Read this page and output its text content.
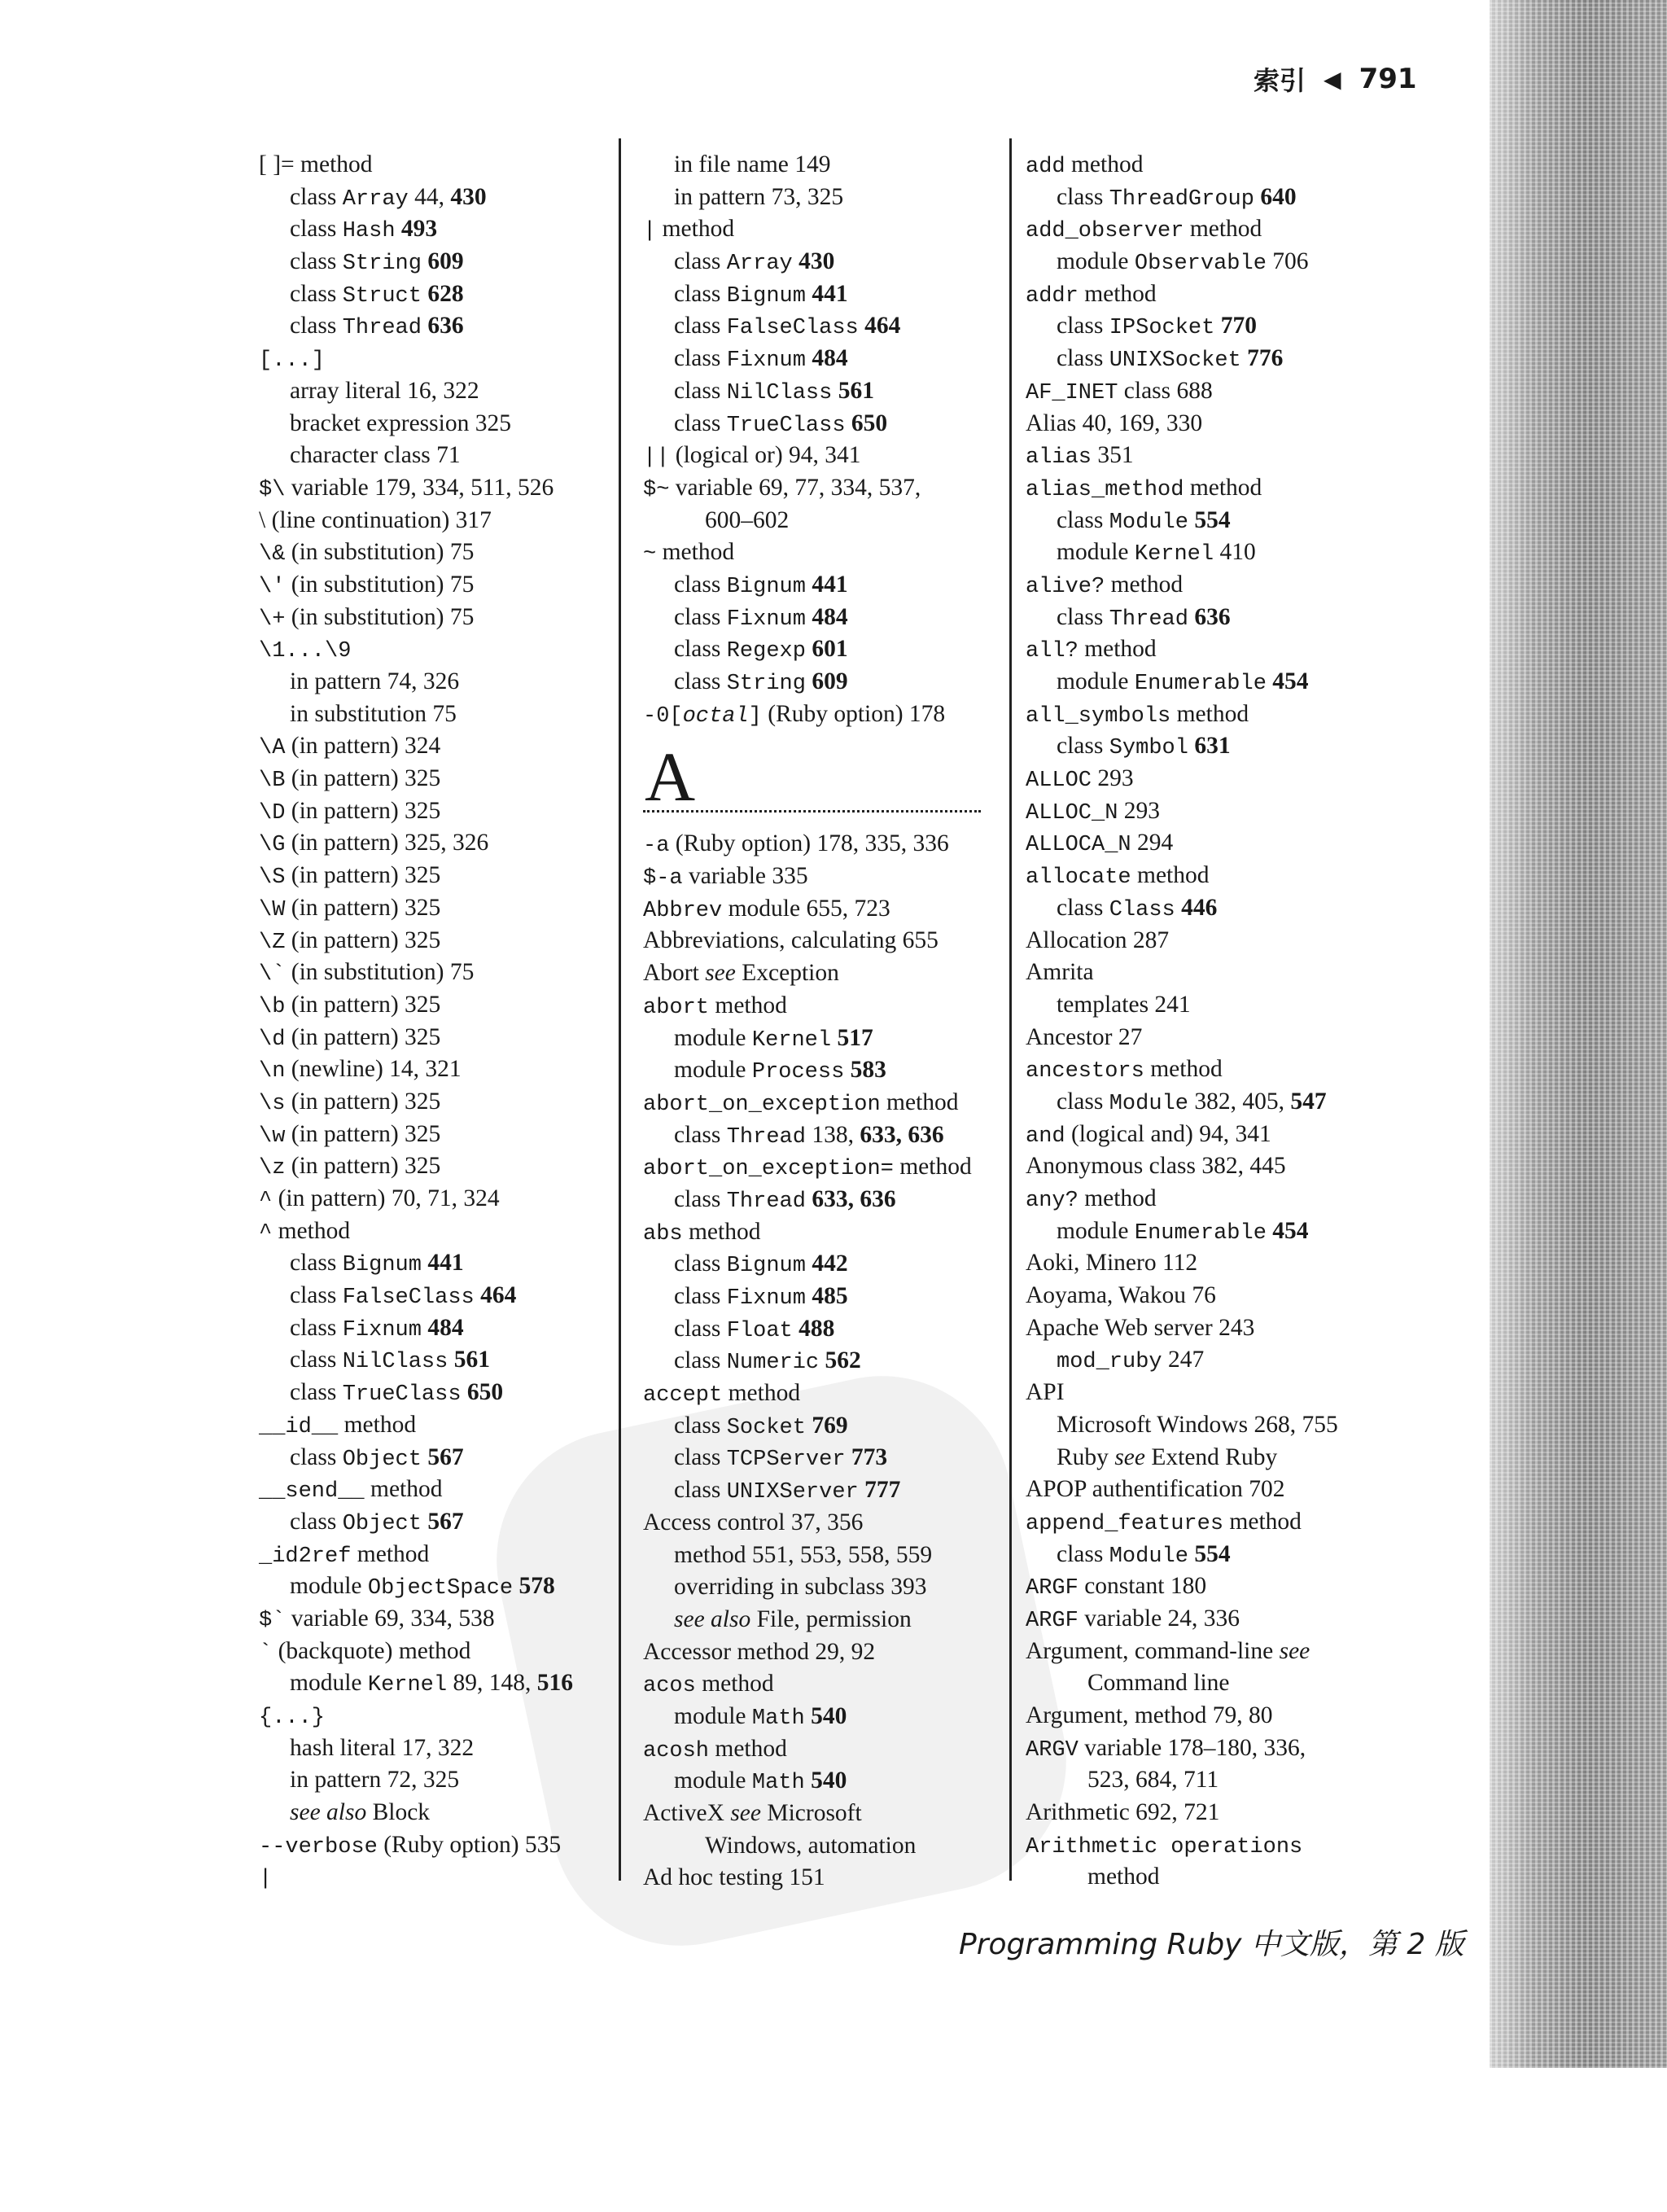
索引 ◀ 791
[ ]= method
class Array 44, 430
class Hash 493
class String 609
class Struct 628
class Thread 636
[...]
array literal 16, 322
bracket expression 325
character class 71
$\ variable 179, 334, 511, 526
\ (line continuation) 317
\& (in substitution) 75
\' (in substitution) 75
\+ (in substitution) 75
\1...\9
in pattern 74, 326
in substitution 75
\A (in pattern) 324
\B (in pattern) 325
\D (in pattern) 325
\G (in pattern) 325, 326
\S (in pattern) 325
\W (in pattern) 325
\Z (in pattern) 325
\` (in substitution) 75
\b (in pattern) 325
\d (in pattern) 325
\n (newline) 14, 321
\s (in pattern) 325
\w (in pattern) 325
\z (in pattern) 325
^ (in pattern) 70, 71, 324
^ method
class Bignum 441
class FalseClass 464
class Fixnum 484
class NilClass 561
class TrueClass 650
__id__ method
class Object 567
__send__ method
class Object 567
_id2ref method
module ObjectSpace 578
$` variable 69, 334, 538
` (backquote) method
module Kernel 89, 148, 516
{...}
hash literal 17, 322
in pattern 72, 325
see also Block
--verbose (Ruby option) 535
|
in file name 149
in pattern 73, 325
| method
class Array 430
class Bignum 441
class FalseClass 464
class Fixnum 484
class NilClass 561
class TrueClass 650
|| (logical or) 94, 341
$~ variable 69, 77, 334, 537,
600–602
~ method
class Bignum 441
class Fixnum 484
class Regexp 601
class String 609
-0[octal] (Ruby option) 178
A
-a (Ruby option) 178, 335, 336
$-a variable 335
Abbrev module 655, 723
Abbreviations, calculating 655
Abort see Exception
abort method
module Kernel 517
module Process 583
abort_on_exception method
class Thread 138, 633, 636
abort_on_exception= method
class Thread 633, 636
abs method
class Bignum 442
class Fixnum 485
class Float 488
class Numeric 562
accept method
class Socket 769
class TCPServer 773
class UNIXServer 777
Access control 37, 356
method 551, 553, 558, 559
overriding in subclass 393
see also File, permission
Accessor method 29, 92
acos method
module Math 540
acosh method
module Math 540
ActiveX see Microsoft
Windows, automation
Ad hoc testing 151
add method
class ThreadGroup 640
add_observer method
module Observable 706
addr method
class IPSocket 770
class UNIXSocket 776
AF_INET class 688
Alias 40, 169, 330
alias 351
alias_method method
class Module 554
module Kernel 410
alive? method
class Thread 636
all? method
module Enumerable 454
all_symbols method
class Symbol 631
ALLOC 293
ALLOC_N 293
ALLOCA_N 294
allocate method
class Class 446
Allocation 287
Amrita
templates 241
Ancestor 27
ancestors method
class Module 382, 405, 547
and (logical and) 94, 341
Anonymous class 382, 445
any? method
module Enumerable 454
Aoki, Minero 112
Aoyama, Wakou 76
Apache Web server 243
mod_ruby 247
API
Microsoft Windows 268, 755
Ruby see Extend Ruby
APOP authentification 702
append_features method
class Module 554
ARGF constant 180
ARGF variable 24, 336
Argument, command-line see
Command line
Argument, method 79, 80
ARGV variable 178–180, 336,
523, 684, 711
Arithmetic 692, 721
Arithmetic operations
method
Programming Ruby 中文版，第 2 版
